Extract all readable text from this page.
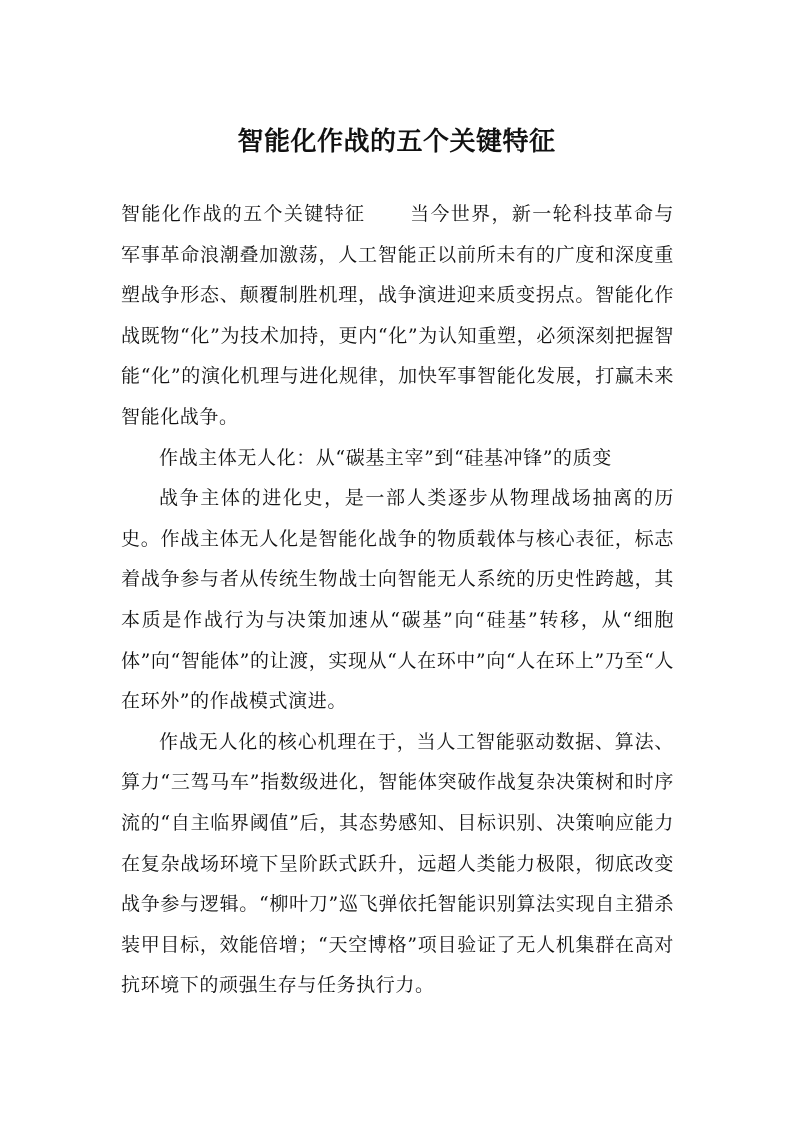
智能化作战的五个关键特征

智能化作战的五个关键特征 当今世界，新一轮科技革命与军事革命浪潮叠加激荡，人工智能正以前所未有的广度和深度重塑战争形态、颠覆制胜机理，战争演进迎来质变拐点。智能化作战既物“化”为技术加持，更内“化”为认知重塑，必须深刻把握智能“化”的演化机理与进化规律，加快军事智能化发展，打赢未来智能化战争。

作战主体无人化：从“碳基主宰”到“硅基冲锋”的质变

战争主体的进化史，是一部人类逐步从物理战场抽离的历史。作战主体无人化是智能化战争的物质载体与核心表征，标志着战争参与者从传统生物战士向智能无人系统的历史性跨越，其本质是作战行为与决策加速从“碳基”向“硅基”转移，从“细胞体”向“智能体”的让渡，实现从“人在环中”向“人在环上”乃至“人在环外”的作战模式演进。

作战无人化的核心机理在于，当人工智能驱动数据、算法、算力“三驾马车”指数级进化，智能体突破作战复杂决策树和时序流的“自主临界阈值”后，其态势感知、目标识别、决策响应能力在复杂战场环境下呈阶跃式跃升，远超人类能力极限，彻底改变战争参与逻辑。“柳叶刀”巡飞弹依托智能识别算法实现自主猎杀装甲目标，效能倍增；“天空博格”项目验证了无人机集群在高对抗环境下的顽强生存与任务执行力。
